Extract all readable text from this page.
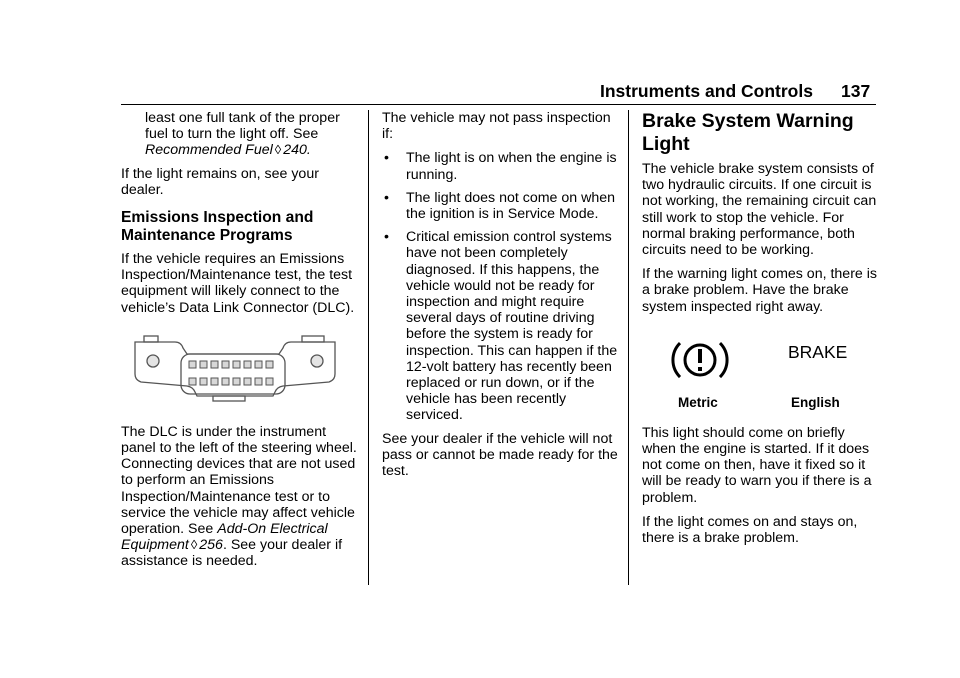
Instruments and Controls 137

least one full tank of the proper fuel to turn the light off. See Recommended Fuel ◊ 240.

If the light remains on, see your dealer.

Emissions Inspection and Maintenance Programs

If the vehicle requires an Emissions Inspection/Maintenance test, the test equipment will likely connect to the vehicle’s Data Link Connector (DLC).

The DLC is under the instrument panel to the left of the steering wheel. Connecting devices that are not used to perform an Emissions Inspection/Maintenance test or to service the vehicle may affect vehicle operation. See Add-On Electrical Equipment ◊ 256. See your dealer if assistance is needed.

The vehicle may not pass inspection if:

•	The light is on when the engine is running.
•	The light does not come on when the ignition is in Service Mode.
•	Critical emission control systems have not been completely diagnosed. If this happens, the vehicle would not be ready for inspection and might require several days of routine driving before the system is ready for inspection. This can happen if the 12-volt battery has recently been replaced or run down, or if the vehicle has been recently serviced.

See your dealer if the vehicle will not pass or cannot be made ready for the test.

Brake System Warning Light

The vehicle brake system consists of two hydraulic circuits. If one circuit is not working, the remaining circuit can still work to stop the vehicle. For normal braking performance, both circuits need to be working.

If the warning light comes on, there is a brake problem. Have the brake system inspected right away.

BRAKE
Metric	English

This light should come on briefly when the engine is started. If it does not come on then, have it fixed so it will be ready to warn you if there is a problem.

If the light comes on and stays on, there is a brake problem.
